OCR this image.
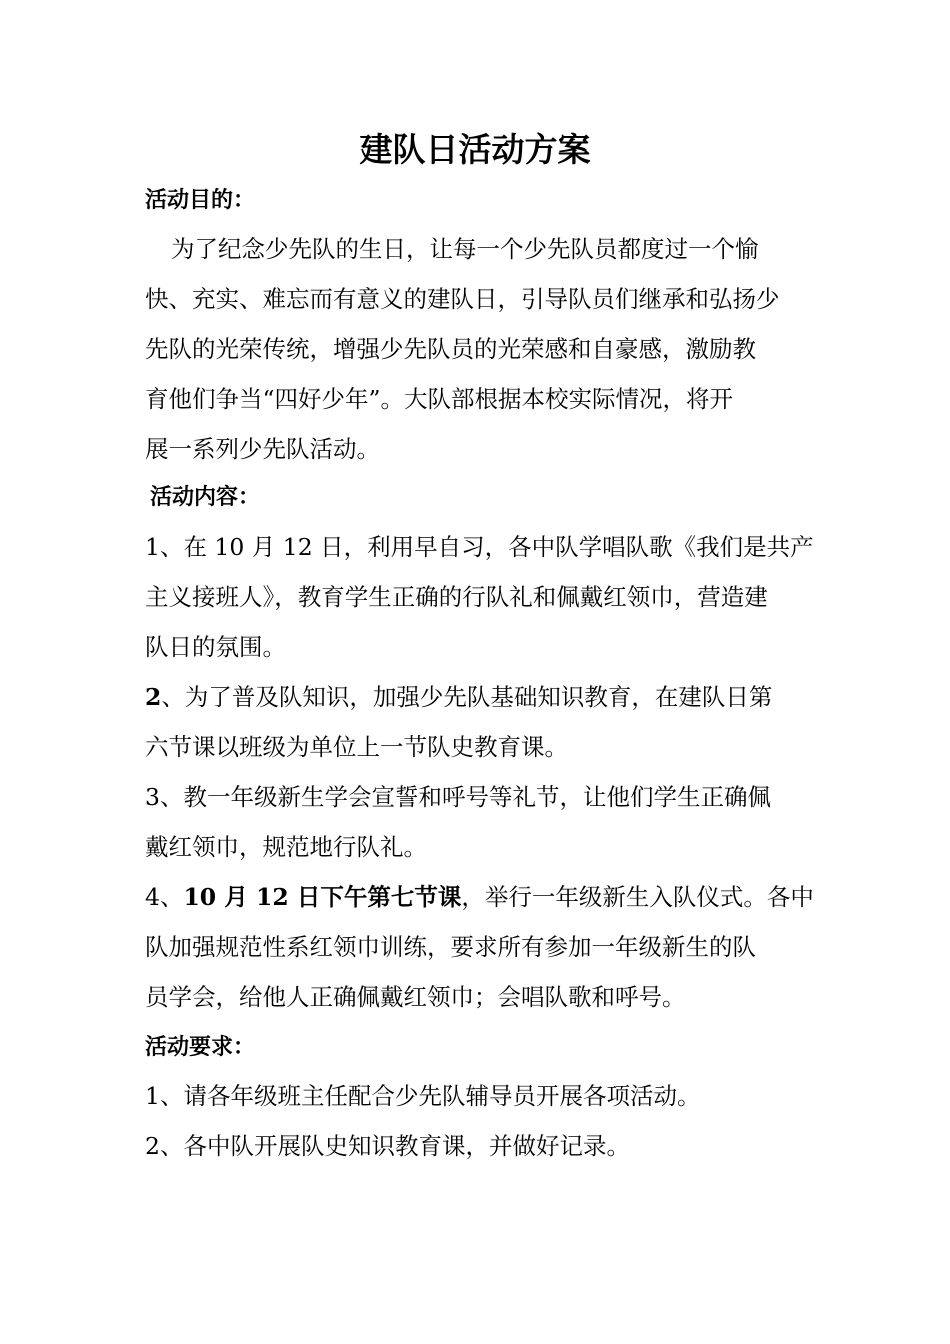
建队日活动方案
活动目的：
为了纪念少先队的生日，让每一个少先队员都度过一个愉
快、充实、难忘而有意义的建队日，引导队员们继承和弘扬少
先队的光荣传统，增强少先队员的光荣感和自豪感，激励教
育他们争当“四好少年”。大队部根据本校实际情况，将开
展一系列少先队活动。
活动内容：
1、在 10 月 12 日，利用早自习，各中队学唱队歌《我们是共产
主义接班人》，教育学生正确的行队礼和佩戴红领巾，营造建
队日的氛围。
2、为了普及队知识，加强少先队基础知识教育，在建队日第
六节课以班级为单位上一节队史教育课。
3、教一年级新生学会宣誓和呼号等礼节，让他们学生正确佩
戴红领巾，规范地行队礼。
4、10 月 12 日下午第七节课，举行一年级新生入队仪式。各中
队加强规范性系红领巾训练，要求所有参加一年级新生的队
员学会，给他人正确佩戴红领巾；会唱队歌和呼号。
活动要求：
1、请各年级班主任配合少先队辅导员开展各项活动。
2、各中队开展队史知识教育课，并做好记录。
